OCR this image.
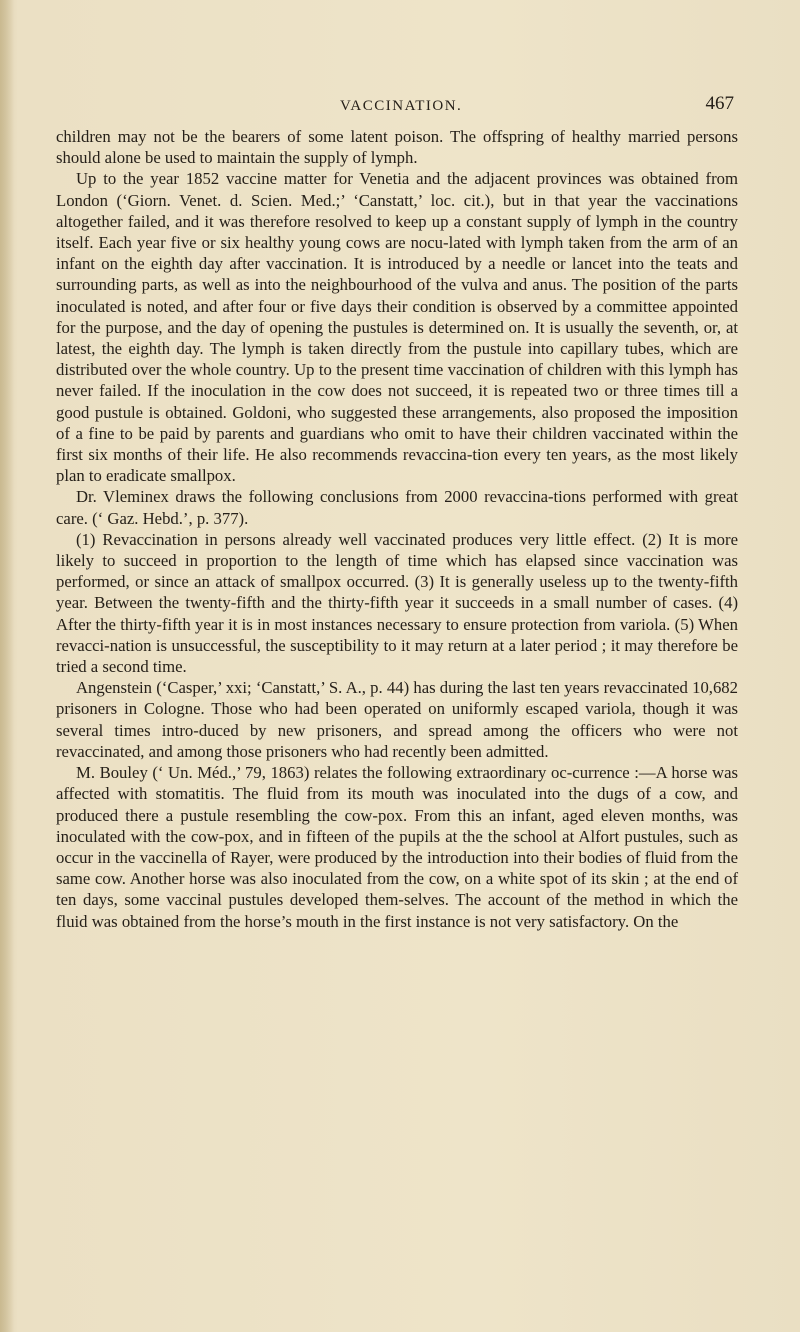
VACCINATION.	467

children may not be the bearers of some latent poison. The offspring of healthy married persons should alone be used to maintain the supply of lymph.

Up to the year 1852 vaccine matter for Venetia and the adjacent provinces was obtained from London (‘Giorn. Venet. d. Scien. Med.;’ ‘Canstatt,’ loc. cit.), but in that year the vaccinations altogether failed, and it was therefore resolved to keep up a constant supply of lymph in the country itself. Each year five or six healthy young cows are nocu-lated with lymph taken from the arm of an infant on the eighth day after vaccination. It is introduced by a needle or lancet into the teats and surrounding parts, as well as into the neighbourhood of the vulva and anus. The position of the parts inoculated is noted, and after four or five days their condition is observed by a committee appointed for the purpose, and the day of opening the pustules is determined on. It is usually the seventh, or, at latest, the eighth day. The lymph is taken directly from the pustule into capillary tubes, which are distributed over the whole country. Up to the present time vaccination of children with this lymph has never failed. If the inoculation in the cow does not succeed, it is repeated two or three times till a good pustule is obtained. Goldoni, who suggested these arrangements, also proposed the imposition of a fine to be paid by parents and guardians who omit to have their children vaccinated within the first six months of their life. He also recommends revaccina-tion every ten years, as the most likely plan to eradicate smallpox.

Dr. Vleminex draws the following conclusions from 2000 revaccina-tions performed with great care. (‘ Gaz. Hebd.’, p. 377).

(1) Revaccination in persons already well vaccinated produces very little effect. (2) It is more likely to succeed in proportion to the length of time which has elapsed since vaccination was performed, or since an attack of smallpox occurred. (3) It is generally useless up to the twenty-fifth year. Between the twenty-fifth and the thirty-fifth year it succeeds in a small number of cases. (4) After the thirty-fifth year it is in most instances necessary to ensure protection from variola. (5) When revacci-nation is unsuccessful, the susceptibility to it may return at a later period ; it may therefore be tried a second time.

Angenstein (‘Casper,’ xxi; ‘Canstatt,’ S. A., p. 44) has during the last ten years revaccinated 10,682 prisoners in Cologne. Those who had been operated on uniformly escaped variola, though it was several times intro-duced by new prisoners, and spread among the officers who were not revaccinated, and among those prisoners who had recently been admitted.

M. Bouley (‘ Un. Méd.,’ 79, 1863) relates the following extraordinary oc-currence :—A horse was affected with stomatitis. The fluid from its mouth was inoculated into the dugs of a cow, and produced there a pustule resembling the cow-pox. From this an infant, aged eleven months, was inoculated with the cow-pox, and in fifteen of the pupils at the the school at Alfort pustules, such as occur in the vaccinella of Rayer, were produced by the introduction into their bodies of fluid from the same cow. Another horse was also inoculated from the cow, on a white spot of its skin ; at the end of ten days, some vaccinal pustules developed them-selves. The account of the method in which the fluid was obtained from the horse’s mouth in the first instance is not very satisfactory. On the
